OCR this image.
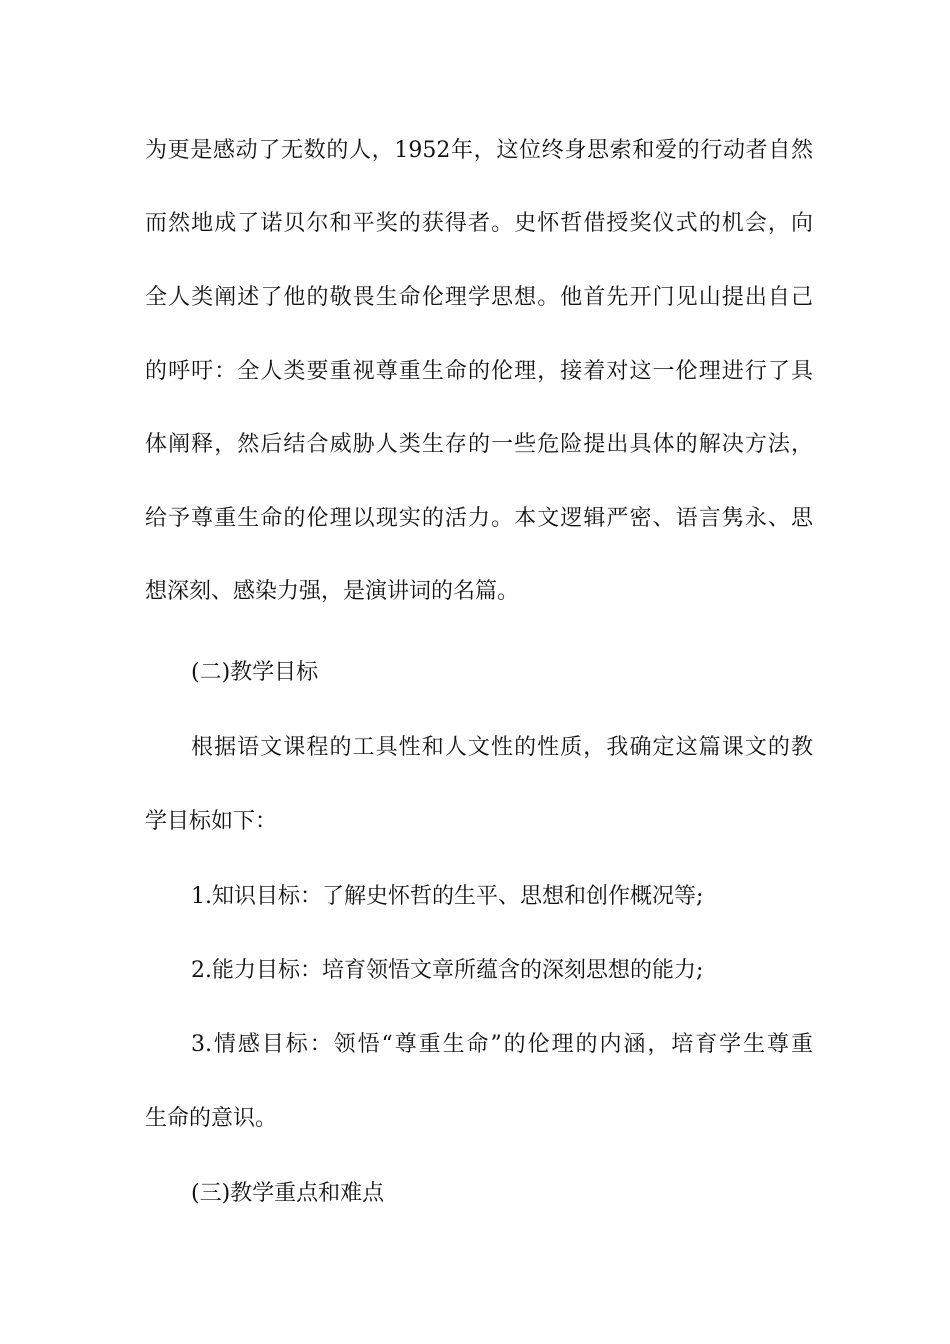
为更是感动了无数的人，1952年，这位终身思索和爱的行动者自然
而然地成了诺贝尔和平奖的获得者。史怀哲借授奖仪式的机会，向
全人类阐述了他的敬畏生命伦理学思想。他首先开门见山提出自己
的呼吁：全人类要重视尊重生命的伦理，接着对这一伦理进行了具
体阐释，然后结合威胁人类生存的一些危险提出具体的解决方法，
给予尊重生命的伦理以现实的活力。本文逻辑严密、语言隽永、思
想深刻、感染力强，是演讲词的名篇。
(二)教学目标
根据语文课程的工具性和人文性的性质，我确定这篇课文的教
学目标如下：
1.知识目标：了解史怀哲的生平、思想和创作概况等;
2.能力目标：培育领悟文章所蕴含的深刻思想的能力;
3.情感目标：领悟“尊重生命”的伦理的内涵，培育学生尊重
生命的意识。
(三)教学重点和难点
